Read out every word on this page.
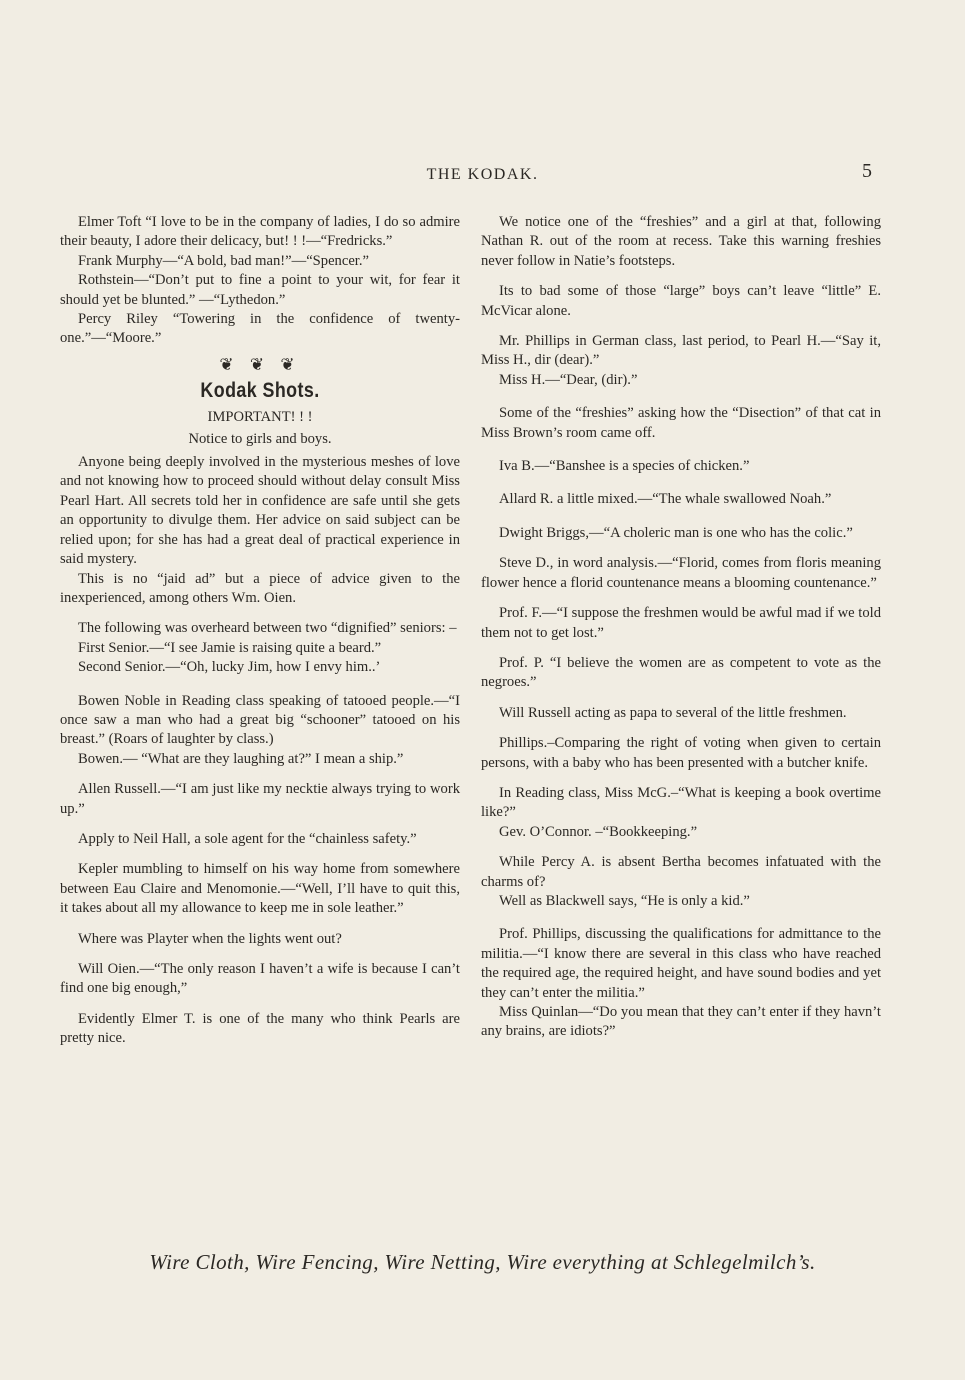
THE KODAK.	5

Elmer Toft “I love to be in the company of ladies, I do so admire their beauty, I adore their delicacy, but! ! !—“Fredricks.”

Frank Murphy—“A bold, bad man!”—“Spencer.”

Rothstein—“Don’t put to fine a point to your wit, for fear it should yet be blunted.” —“Lythedon.”

Percy Riley “Towering in the confidence of twenty-one.”—“Moore.”

❦ ❦ ❦
Kodak Shots.

IMPORTANT! ! !

Notice to girls and boys.

Anyone being deeply involved in the mysterious meshes of love and not knowing how to proceed should without delay consult Miss Pearl Hart. All secrets told her in confidence are safe until she gets an opportunity to divulge them. Her advice on said subject can be relied upon; for she has had a great deal of practical experience in said mystery.

This is no “jaid ad” but a piece of advice given to the inexperienced, among others Wm. Oien.

The following was overheard between two “dignified” seniors: –

First Senior.—“I see Jamie is raising quite a beard.”

Second Senior.—“Oh, lucky Jim, how I envy him..’

Bowen Noble in Reading class speaking of tatooed people.—“I once saw a man who had a great big “schooner” tatooed on his breast.” (Roars of laughter by class.)

Bowen.— “What are they laughing at?” I mean a ship.”

Allen Russell.—“I am just like my necktie always trying to work up.”

Apply to Neil Hall, a sole agent for the “chainless safety.”

Kepler mumbling to himself on his way home from somewhere between Eau Claire and Menomonie.—“Well, I’ll have to quit this, it takes about all my allowance to keep me in sole leather.”

Where was Playter when the lights went out?

Will Oien.—“The only reason I haven’t a wife is because I can’t find one big enough,”

Evidently Elmer T. is one of the many who think Pearls are pretty nice.

We notice one of the “freshies” and a girl at that, following Nathan R. out of the room at recess. Take this warning freshies never follow in Natie’s footsteps.

Its to bad some of those “large” boys can’t leave “little” E. McVicar alone.

Mr. Phillips in German class, last period, to Pearl H.—“Say it, Miss H., dir (dear).”

Miss H.—“Dear, (dir).”

Some of the “freshies” asking how the “Disection” of that cat in Miss Brown’s room came off.

Iva B.—“Banshee is a species of chicken.”

Allard R. a little mixed.—“The whale swallowed Noah.”

Dwight Briggs,—“A choleric man is one who has the colic.”

Steve D., in word analysis.—“Florid, comes from floris meaning flower hence a florid countenance means a blooming countenance.”

Prof. F.—“I suppose the freshmen would be awful mad if we told them not to get lost.”

Prof. P. “I believe the women are as competent to vote as the negroes.”

Will Russell acting as papa to several of the little freshmen.

Phillips.–Comparing the right of voting when given to certain persons, with a baby who has been presented with a butcher knife.

In Reading class, Miss McG.–“What is keeping a book overtime like?”

Gev. O’Connor. –“Bookkeeping.”

While Percy A. is absent Bertha becomes infatuated with the charms of?

Well as Blackwell says, “He is only a kid.”

Prof. Phillips, discussing the qualifications for admittance to the militia.—“I know there are several in this class who have reached the required age, the required height, and have sound bodies and yet they can’t enter the militia.”

Miss Quinlan—“Do you mean that they can’t enter if they havn’t any brains, are idiots?”

Wire Cloth, Wire Fencing, Wire Netting, Wire everything at Schlegelmilch’s.
